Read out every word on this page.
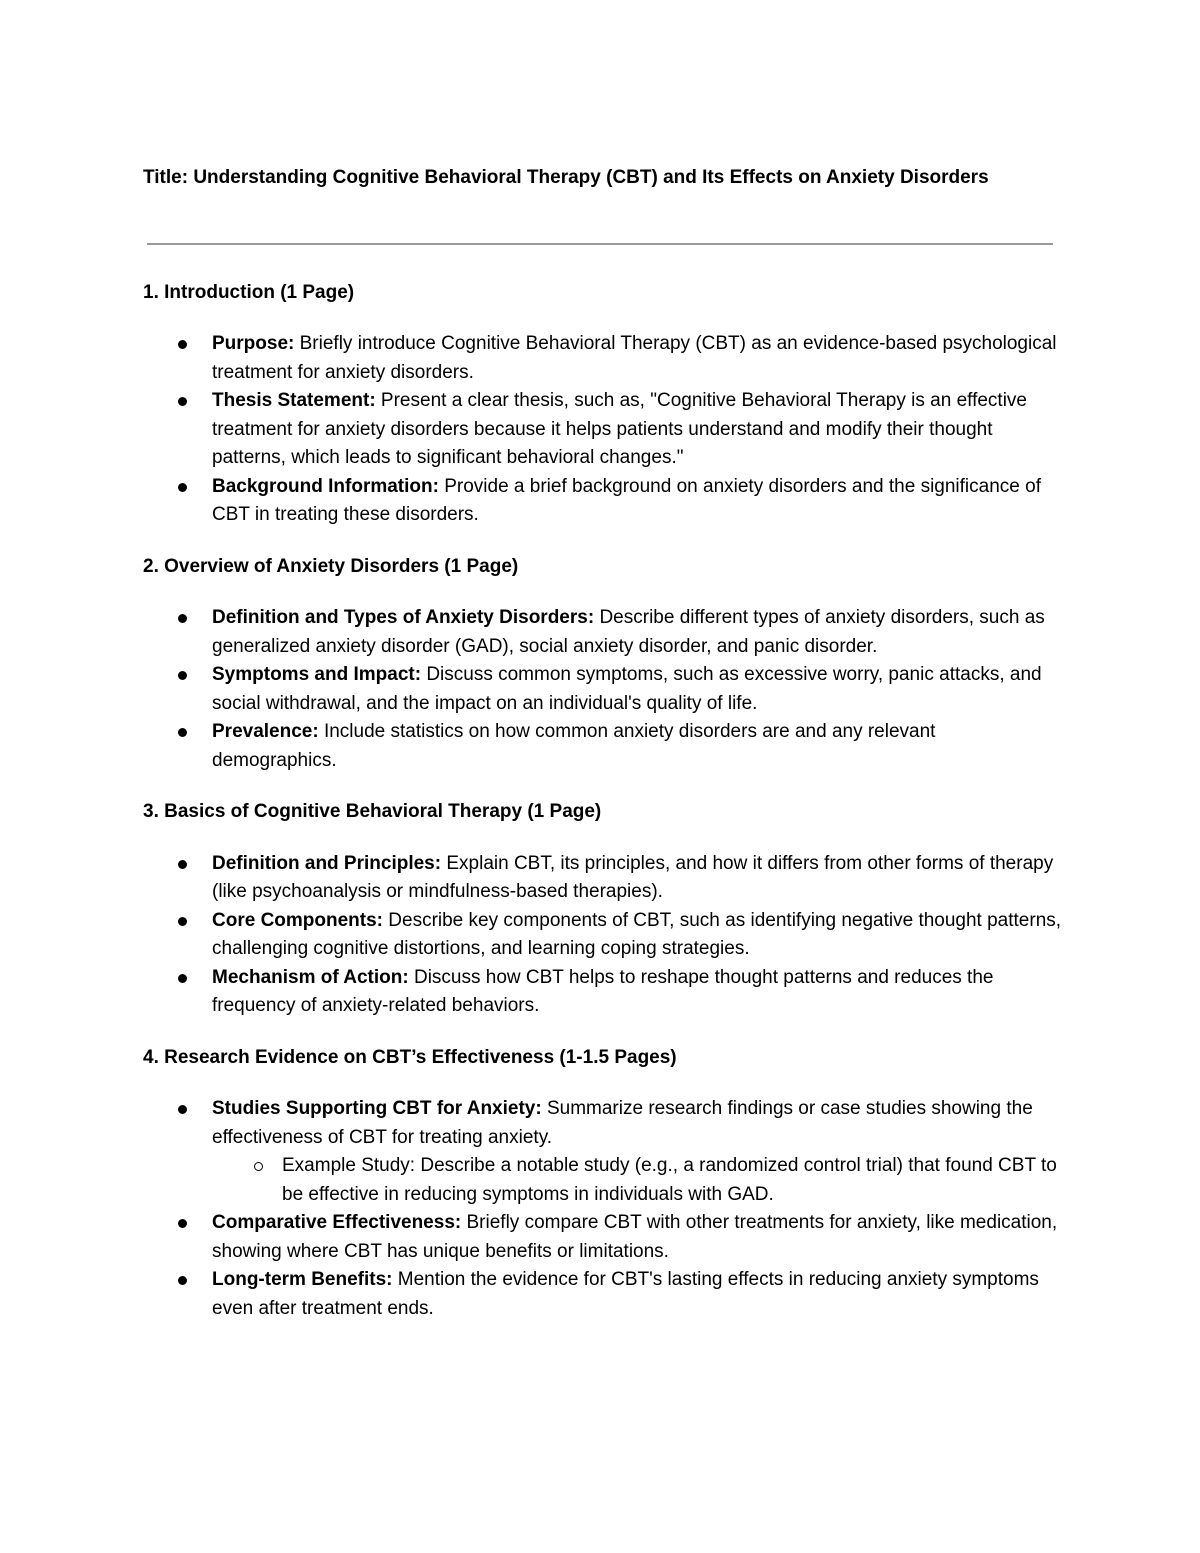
Title: Understanding Cognitive Behavioral Therapy (CBT) and Its Effects on Anxiety Disorders

1. Introduction (1 Page)

Purpose: Briefly introduce Cognitive Behavioral Therapy (CBT) as an evidence-based psychological treatment for anxiety disorders.
Thesis Statement: Present a clear thesis, such as, "Cognitive Behavioral Therapy is an effective treatment for anxiety disorders because it helps patients understand and modify their thought patterns, which leads to significant behavioral changes."
Background Information: Provide a brief background on anxiety disorders and the significance of CBT in treating these disorders.

2. Overview of Anxiety Disorders (1 Page)

Definition and Types of Anxiety Disorders: Describe different types of anxiety disorders, such as generalized anxiety disorder (GAD), social anxiety disorder, and panic disorder.
Symptoms and Impact: Discuss common symptoms, such as excessive worry, panic attacks, and social withdrawal, and the impact on an individual's quality of life.
Prevalence: Include statistics on how common anxiety disorders are and any relevant demographics.

3. Basics of Cognitive Behavioral Therapy (1 Page)

Definition and Principles: Explain CBT, its principles, and how it differs from other forms of therapy (like psychoanalysis or mindfulness-based therapies).
Core Components: Describe key components of CBT, such as identifying negative thought patterns, challenging cognitive distortions, and learning coping strategies.
Mechanism of Action: Discuss how CBT helps to reshape thought patterns and reduces the frequency of anxiety-related behaviors.

4. Research Evidence on CBT’s Effectiveness (1-1.5 Pages)

Studies Supporting CBT for Anxiety: Summarize research findings or case studies showing the effectiveness of CBT for treating anxiety.
Example Study: Describe a notable study (e.g., a randomized control trial) that found CBT to be effective in reducing symptoms in individuals with GAD.
Comparative Effectiveness: Briefly compare CBT with other treatments for anxiety, like medication, showing where CBT has unique benefits or limitations.
Long-term Benefits: Mention the evidence for CBT's lasting effects in reducing anxiety symptoms even after treatment ends.
